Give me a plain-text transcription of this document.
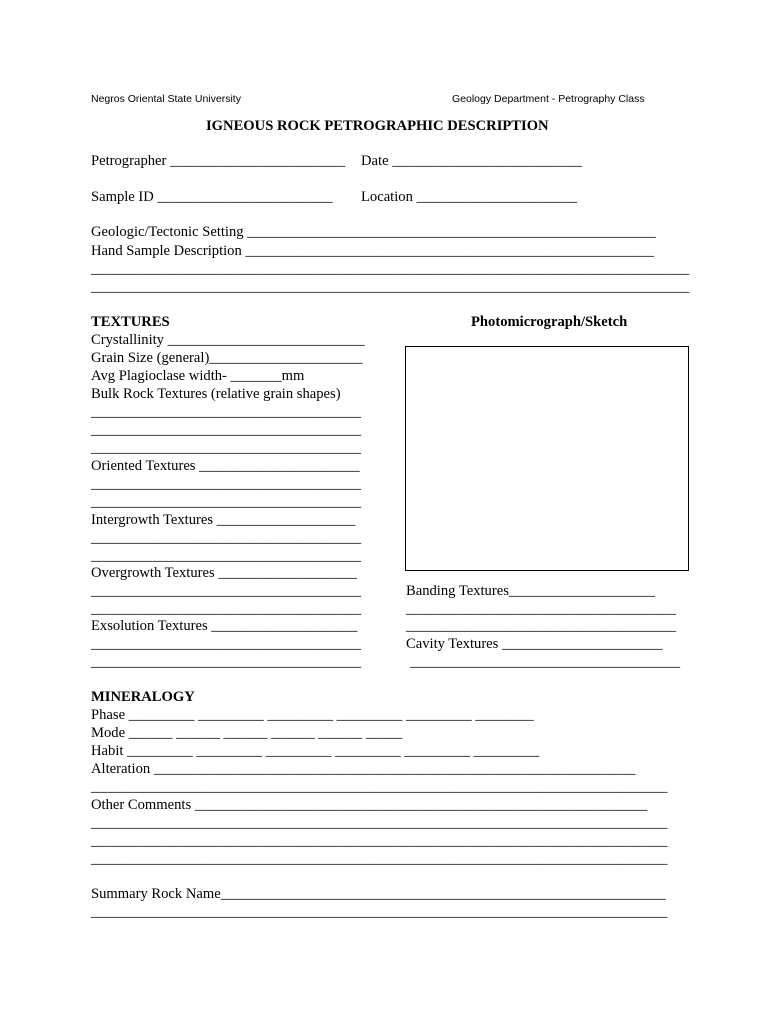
Negros Oriental State University	Geology Department - Petrography Class
IGNEOUS ROCK PETROGRAPHIC DESCRIPTION
Petrographer ________________________ Date __________________________
Sample ID ________________________ Location ______________________
Geologic/Tectonic Setting ________________________________________________________
Hand Sample Description ________________________________________________________
__________________________________________________________________________________
__________________________________________________________________________________
TEXTURES
Crystallinity ___________________________
Grain Size (general)_____________________
Avg Plagioclase width- _______mm
Bulk Rock Textures (relative grain shapes)
_____________________________________
_____________________________________
_____________________________________
Oriented Textures ______________________
_____________________________________
_____________________________________
Intergrowth Textures ___________________
_____________________________________
_____________________________________
Overgrowth Textures ___________________
_____________________________________
_____________________________________
Exsolution Textures ____________________
_____________________________________
_____________________________________
Photomicrograph/Sketch
Banding Textures____________________
_____________________________________
_____________________________________
Cavity Textures ______________________
_____________________________________
MINERALOGY
Phase _________ _________ _________ _________ _________ ________
Mode ______ ______ ______ ______ ______ _____
Habit _________ _________ _________ _________ _________ _________
Alteration __________________________________________________________________
_______________________________________________________________________________
Other Comments ______________________________________________________________
_______________________________________________________________________________
_______________________________________________________________________________
_______________________________________________________________________________
Summary Rock Name_____________________________________________________________
_______________________________________________________________________________
